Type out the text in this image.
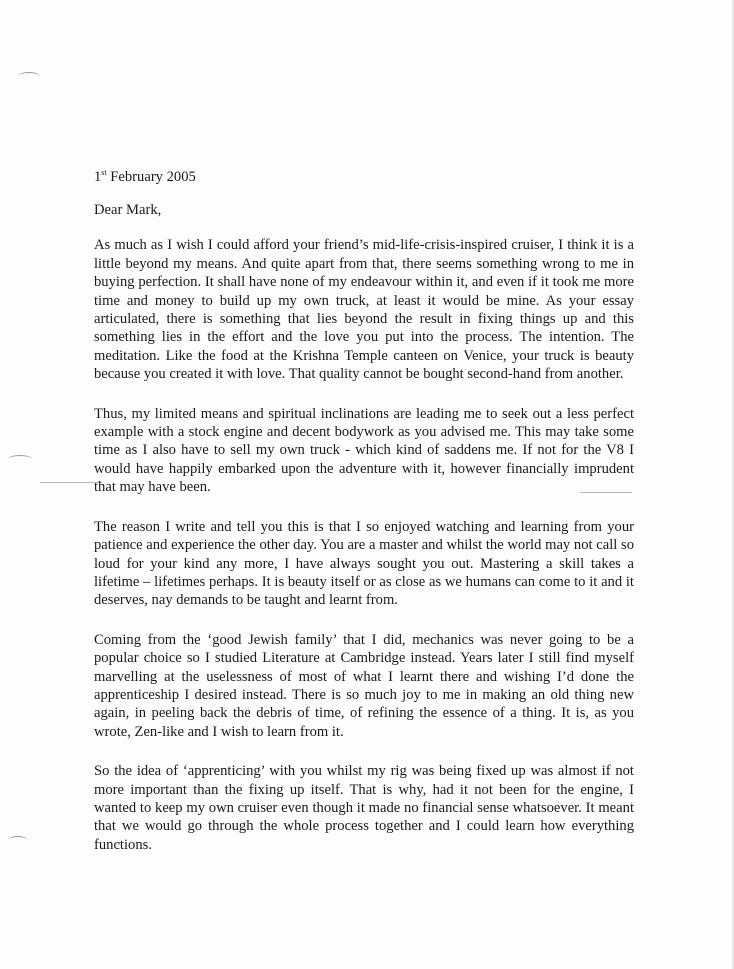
1st February 2005

Dear Mark,

As much as I wish I could afford your friend’s mid-life-crisis-inspired cruiser, I think it is a little beyond my means. And quite apart from that, there seems something wrong to me in buying perfection. It shall have none of my endeavour within it, and even if it took me more time and money to build up my own truck, at least it would be mine. As your essay articulated, there is something that lies beyond the result in fixing things up and this something lies in the effort and the love you put into the process. The intention. The meditation. Like the food at the Krishna Temple canteen on Venice, your truck is beauty because you created it with love. That quality cannot be bought second-hand from another.

Thus, my limited means and spiritual inclinations are leading me to seek out a less perfect example with a stock engine and decent bodywork as you advised me. This may take some time as I also have to sell my own truck - which kind of saddens me. If not for the V8 I would have happily embarked upon the adventure with it, however financially imprudent that may have been.

The reason I write and tell you this is that I so enjoyed watching and learning from your patience and experience the other day. You are a master and whilst the world may not call so loud for your kind any more, I have always sought you out. Mastering a skill takes a lifetime – lifetimes perhaps. It is beauty itself or as close as we humans can come to it and it deserves, nay demands to be taught and learnt from.

Coming from the ‘good Jewish family’ that I did, mechanics was never going to be a popular choice so I studied Literature at Cambridge instead. Years later I still find myself marvelling at the uselessness of most of what I learnt there and wishing I’d done the apprenticeship I desired instead. There is so much joy to me in making an old thing new again, in peeling back the debris of time, of refining the essence of a thing. It is, as you wrote, Zen-like and I wish to learn from it.

So the idea of ‘apprenticing’ with you whilst my rig was being fixed up was almost if not more important than the fixing up itself. That is why, had it not been for the engine, I wanted to keep my own cruiser even though it made no financial sense whatsoever. It meant that we would go through the whole process together and I could learn how everything functions.
